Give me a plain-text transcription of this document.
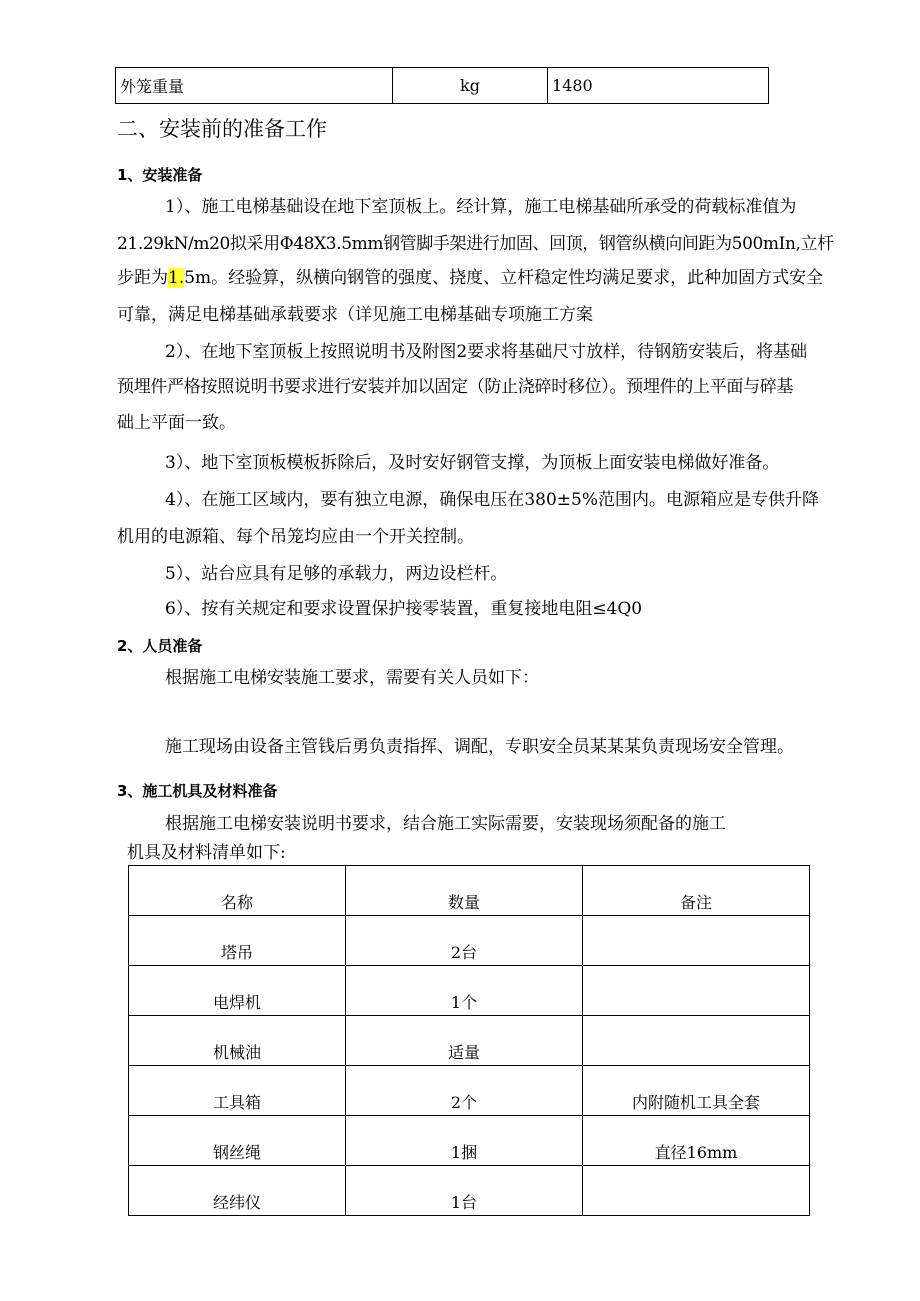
外笼重量	kg	1480
二、安装前的准备工作
1、安装准备
1）、施工电梯基础设在地下室顶板上。经计算，施工电梯基础所承受的荷载标准值为
21.29kN/m20拟采用Φ48X3.5mm钢管脚手架进行加固、回顶，钢管纵横向间距为500mIn,立杆
步距为1.5m。经验算，纵横向钢管的强度、挠度、立杆稳定性均满足要求，此种加固方式安全
可靠，满足电梯基础承载要求（详见施工电梯基础专项施工方案
2）、在地下室顶板上按照说明书及附图2要求将基础尺寸放样，待钢筋安装后，将基础
预埋件严格按照说明书要求进行安装并加以固定（防止浇碎时移位）。预埋件的上平面与碎基
础上平面一致。
3）、地下室顶板模板拆除后，及时安好钢管支撑，为顶板上面安装电梯做好准备。
4）、在施工区域内，要有独立电源，确保电压在380±5%范围内。电源箱应是专供升降
机用的电源箱、每个吊笼均应由一个开关控制。
5）、站台应具有足够的承载力，两边设栏杆。
6）、按有关规定和要求设置保护接零装置，重复接地电阻≤4Q0
2、人员准备
根据施工电梯安装施工要求，需要有关人员如下：
施工现场由设备主管钱后勇负责指挥、调配，专职安全员某某某负责现场安全管理。
3、施工机具及材料准备
根据施工电梯安装说明书要求，结合施工实际需要，安装现场须配备的施工
机具及材料清单如下:
名称	数量	备注
塔吊	2台	
电焊机	1个	
机械油	适量	
工具箱	2个	内附随机工具全套
钢丝绳	1捆	直径16mm
经纬仪	1台	
